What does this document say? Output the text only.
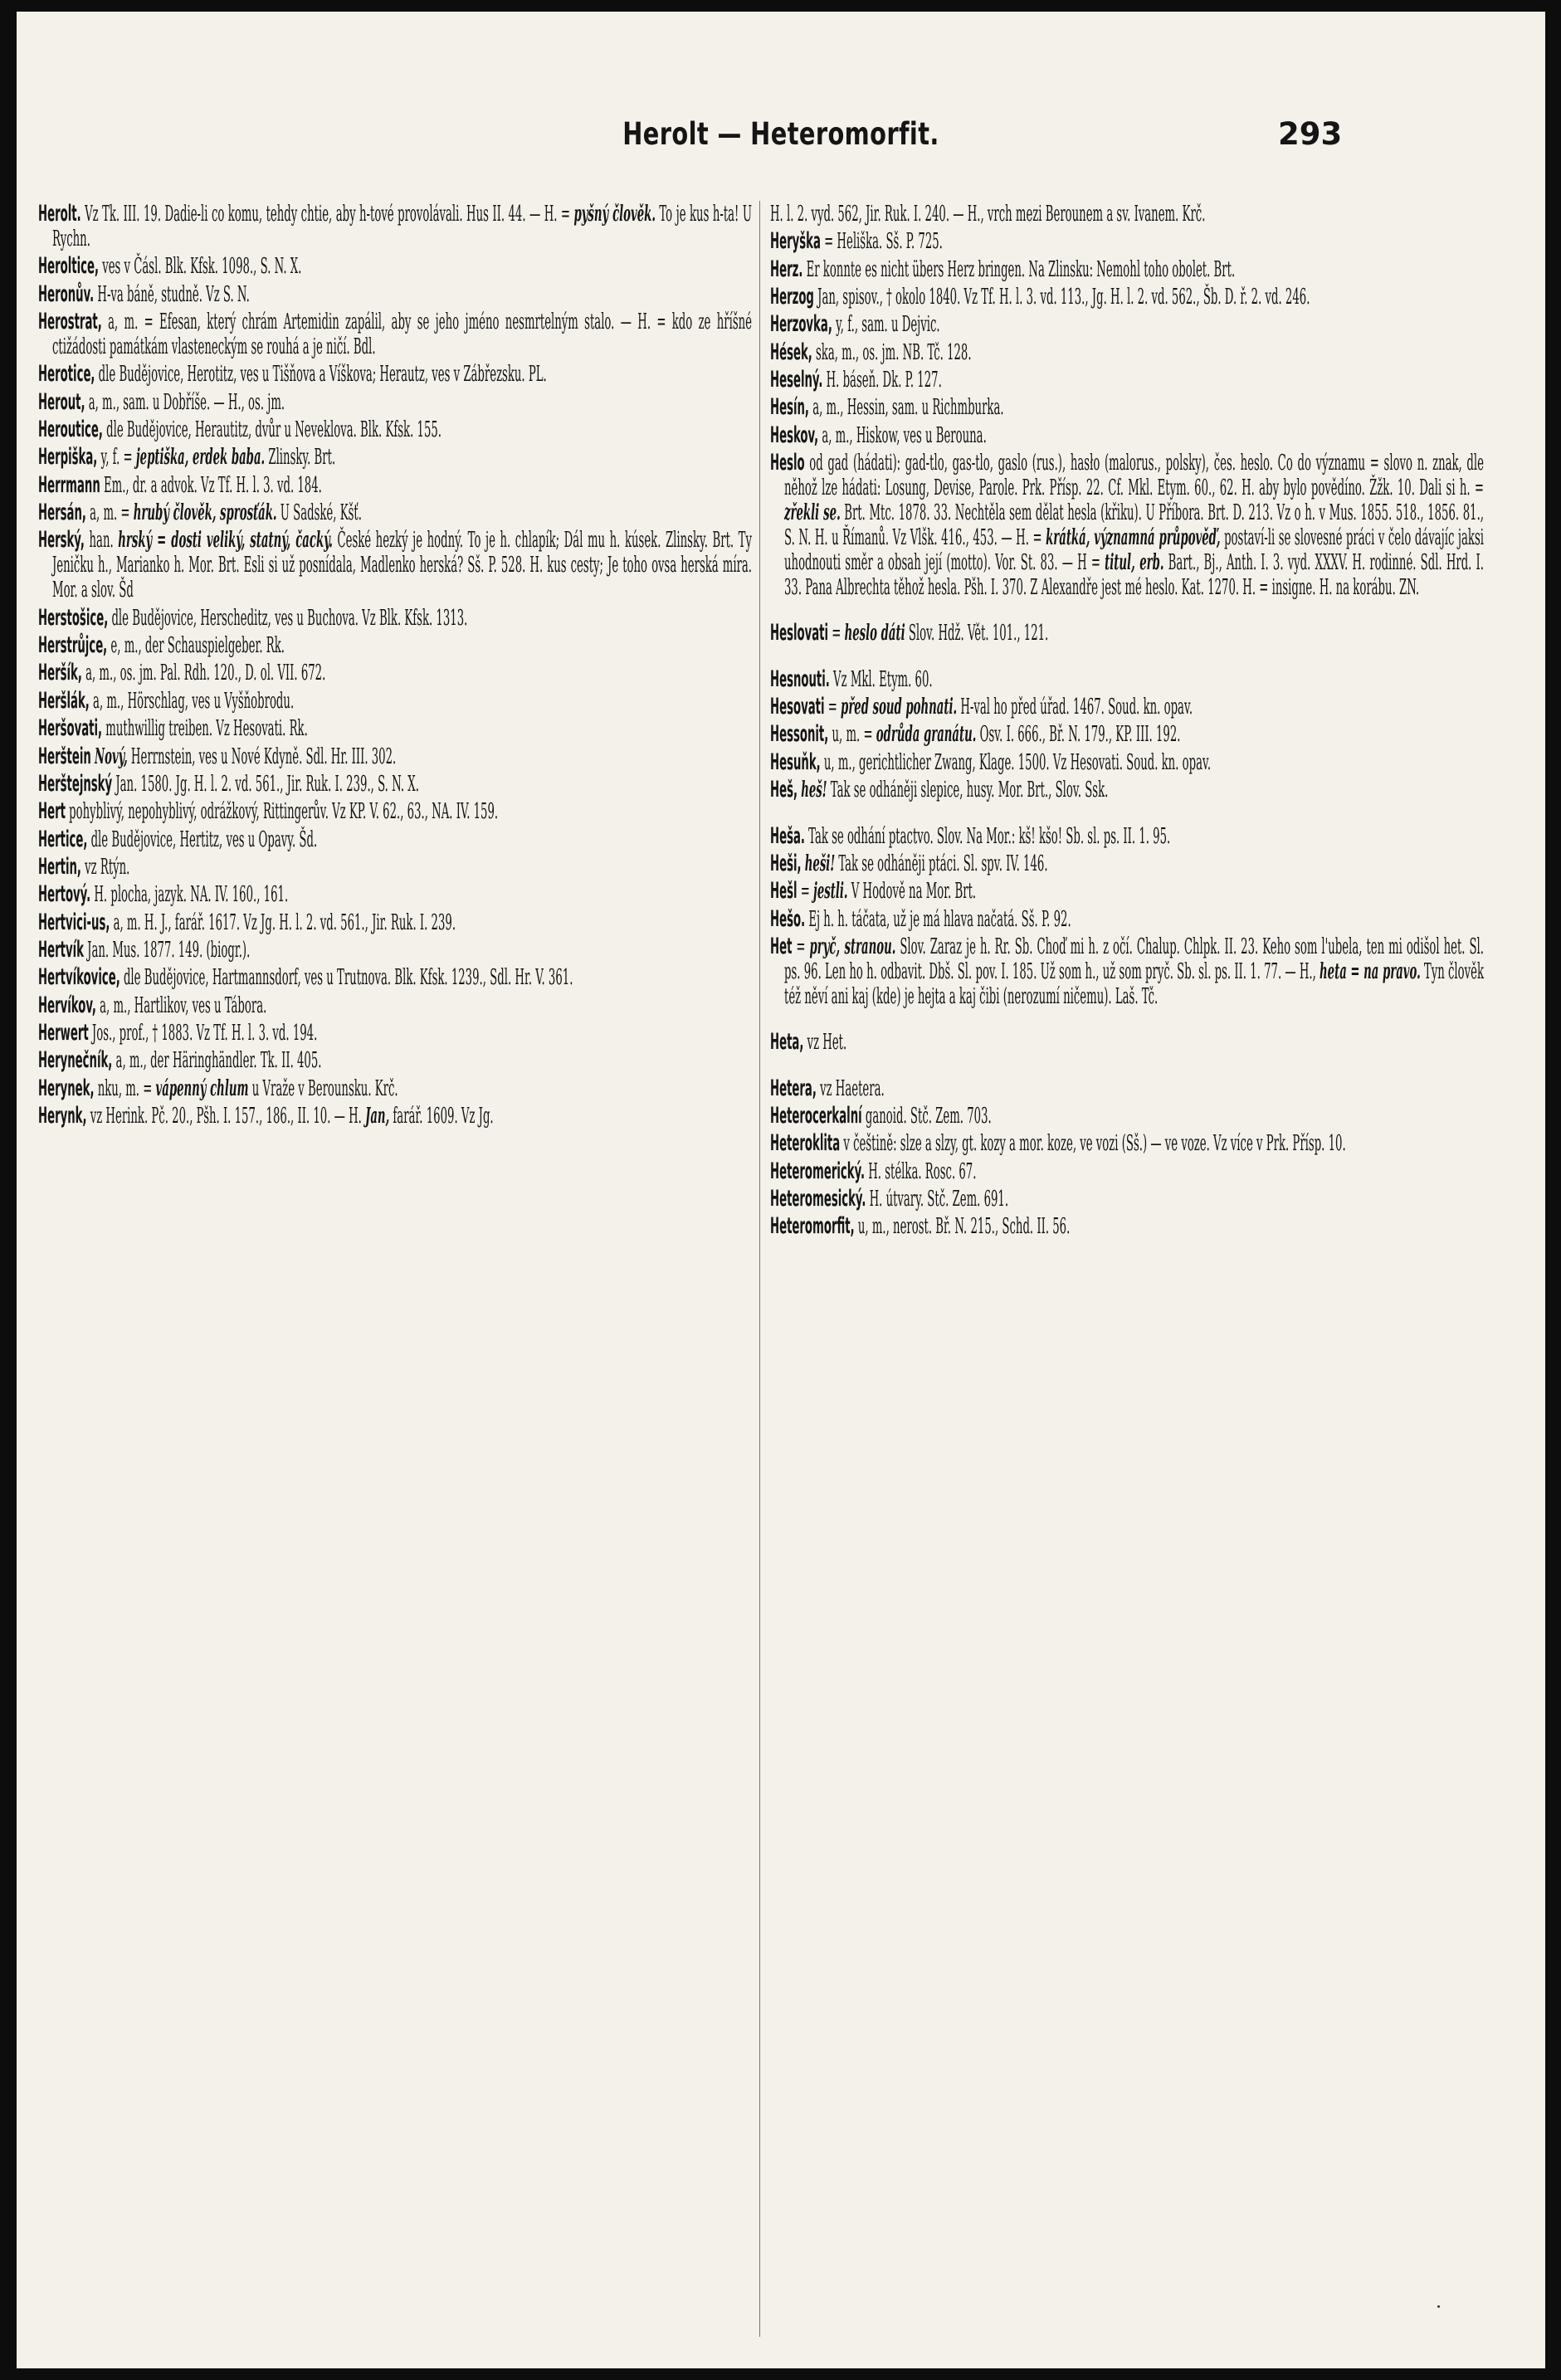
Herolt — Heteromorfit.	293

Herolt. Vz Tk. III. 19. Dadie-li co komu, tehdy chtie, aby h-tové provolávali. Hus II. 44. — H. = pyšný člověk. To je kus h-ta! U Rychn.

Heroltice, ves v Čásl. Blk. Kfsk. 1098., S. N. X.

Heronův. H-va báně, studně. Vz S. N.

Herostrat, a, m. = Efesan, který chrám Artemidin zapálil, aby se jeho jméno nesmrtelným stalo. — H. = kdo ze hříšné ctižádosti památkám vlasteneckým se rouhá a je ničí. Bdl.

Herotice, dle Budějovice, Herotitz, ves u Tišňova a Víškova; Herautz, ves v Zábřezsku. PL.

Herout, a, m., sam. u Dobříše. — H., os. jm.

Heroutice, dle Budějovice, Herautitz, dvůr u Neveklova. Blk. Kfsk. 155.

Herpiška, y, f. = jeptiška, erdek baba. Zlinsky. Brt.

Herrmann Em., dr. a advok. Vz Tf. H. l. 3. vd. 184.

Hersán, a, m. = hrubý člověk, sprosťák. U Sadské, Kšť.

Herský, han. hrský = dosti veliký, statný, čacký. České hezký je hodný. To je h. chlapík; Dál mu h. kúsek. Zlinsky. Brt. Ty Jeničku h., Marianko h. Mor. Brt. Esli si už posnídala, Madlenko herská? Sš. P. 528. H. kus cesty; Je toho ovsa herská míra. Mor. a slov. Šd

Herstošice, dle Budějovice, Herscheditz, ves u Buchova. Vz Blk. Kfsk. 1313.

Herstrůjce, e, m., der Schauspielgeber. Rk.

Heršík, a, m., os. jm. Pal. Rdh. 120., D. ol. VII. 672.

Heršlák, a, m., Hörschlag, ves u Vyšňobrodu.

Heršovati, muthwillig treiben. Vz Hesovati. Rk.

Herštein Nový, Herrnstein, ves u Nové Kdyně. Sdl. Hr. III. 302.

Herštejnský Jan. 1580. Jg. H. l. 2. vd. 561., Jir. Ruk. I. 239., S. N. X.

Hert pohyblivý, nepohyblivý, odrážkový, Rittingerův. Vz KP. V. 62., 63., NA. IV. 159.

Hertice, dle Budějovice, Hertitz, ves u Opavy. Šd.

Hertin, vz Rtýn.

Hertový. H. plocha, jazyk. NA. IV. 160., 161.

Hertvici-us, a, m. H. J., farář. 1617. Vz Jg. H. l. 2. vd. 561., Jir. Ruk. I. 239.

Hertvík Jan. Mus. 1877. 149. (biogr.).

Hertvíkovice, dle Budějovice, Hartmannsdorf, ves u Trutnova. Blk. Kfsk. 1239., Sdl. Hr. V. 361.

Hervíkov, a, m., Hartlikov, ves u Tábora.

Herwert Jos., prof., † 1883. Vz Tf. H. l. 3. vd. 194.

Herynečník, a, m., der Häringhändler. Tk. II. 405.

Herynek, nku, m. = vápenný chlum u Vraže v Berounsku. Krč.

Herynk, vz Herink. Pč. 20., Pšh. I. 157., 186., II. 10. — H. Jan, farář. 1609. Vz Jg.

H. l. 2. vyd. 562, Jir. Ruk. I. 240. — H., vrch mezi Berounem a sv. Ivanem. Krč.

Heryška = Heliška. Sš. P. 725.

Herz. Er konnte es nicht übers Herz bringen. Na Zlinsku: Nemohl toho obolet. Brt.

Herzog Jan, spisov., † okolo 1840. Vz Tf. H. l. 3. vd. 113., Jg. H. l. 2. vd. 562., Šb. D. ř. 2. vd. 246.

Herzovka, y, f., sam. u Dejvic.

Hések, ska, m., os. jm. NB. Tč. 128.

Heselný. H. báseň. Dk. P. 127.

Hesín, a, m., Hessin, sam. u Richmburka.

Heskov, a, m., Hiskow, ves u Berouna.

Heslo od gad (hádati): gad-tlo, gas-tlo, gaslo (rus.), hasło (malorus., polsky), čes. heslo. Co do významu = slovo n. znak, dle něhož lze hádati: Losung, Devise, Parole. Prk. Přísp. 22. Cf. Mkl. Etym. 60., 62. H. aby bylo povědíno. Žžk. 10. Dali si h. = zřekli se. Brt. Mtc. 1878. 33. Nechtěla sem dělat hesla (křiku). U Příbora. Brt. D. 213. Vz o h. v Mus. 1855. 518., 1856. 81., S. N. H. u Římanů. Vz Vlšk. 416., 453. — H. = krátká, významná průpověď, postaví-li se slovesné práci v čelo dávajíc jaksi uhodnouti směr a obsah její (motto). Vor. St. 83. — H = titul, erb. Bart., Bj., Anth. I. 3. vyd. XXXV. H. rodinné. Sdl. Hrd. I. 33. Pana Albrechta těhož hesla. Pšh. I. 370. Z Alexandře jest mé heslo. Kat. 1270. H. = insigne. H. na korábu. ZN.

Heslovati = heslo dáti Slov. Hdž. Vět. 101., 121.

Hesnouti. Vz Mkl. Etym. 60.

Hesovati = před soud pohnati. H-val ho před úřad. 1467. Soud. kn. opav.

Hessonit, u, m. = odrůda granátu. Osv. I. 666., Bř. N. 179., KP. III. 192.

Hesuňk, u, m., gerichtlicher Zwang, Klage. 1500. Vz Hesovati. Soud. kn. opav.

Heš, heš! Tak se odháněji slepice, husy. Mor. Brt., Slov. Ssk.

Heša. Tak se odhání ptactvo. Slov. Na Mor.: kš! kšo! Sb. sl. ps. II. 1. 95.

Heši, heši! Tak se odháněji ptáci. Sl. spv. IV. 146.

Hešl = jestli. V Hodově na Mor. Brt.

Hešo. Ej h. h. táčata, už je má hlava načatá. Sš. P. 92.

Het = pryč, stranou. Slov. Zaraz je h. Rr. Sb. Choď mi h. z očí. Chalup. Chlpk. II. 23. Keho som l'ubela, ten mi odišol het. Sl. ps. 96. Len ho h. odbavit. Dbš. Sl. pov. I. 185. Už som h., už som pryč. Sb. sl. ps. II. 1. 77. — H., heta = na pravo. Tyn člověk též něví ani kaj (kde) je hejta a kaj čibi (nerozumí ničemu). Laš. Tč.

Heta, vz Het.

Hetera, vz Haetera.

Heterocerkalní ganoid. Stč. Zem. 703.

Heteroklita v češtině: slze a slzy, gt. kozy a mor. koze, ve vozi (Sš.) — ve voze. Vz více v Prk. Přísp. 10.

Heteromerický. H. stélka. Rosc. 67.

Heteromesický. H. útvary. Stč. Zem. 691.

Heteromorfit, u, m., nerost. Bř. N. 215., Schd. II. 56.
